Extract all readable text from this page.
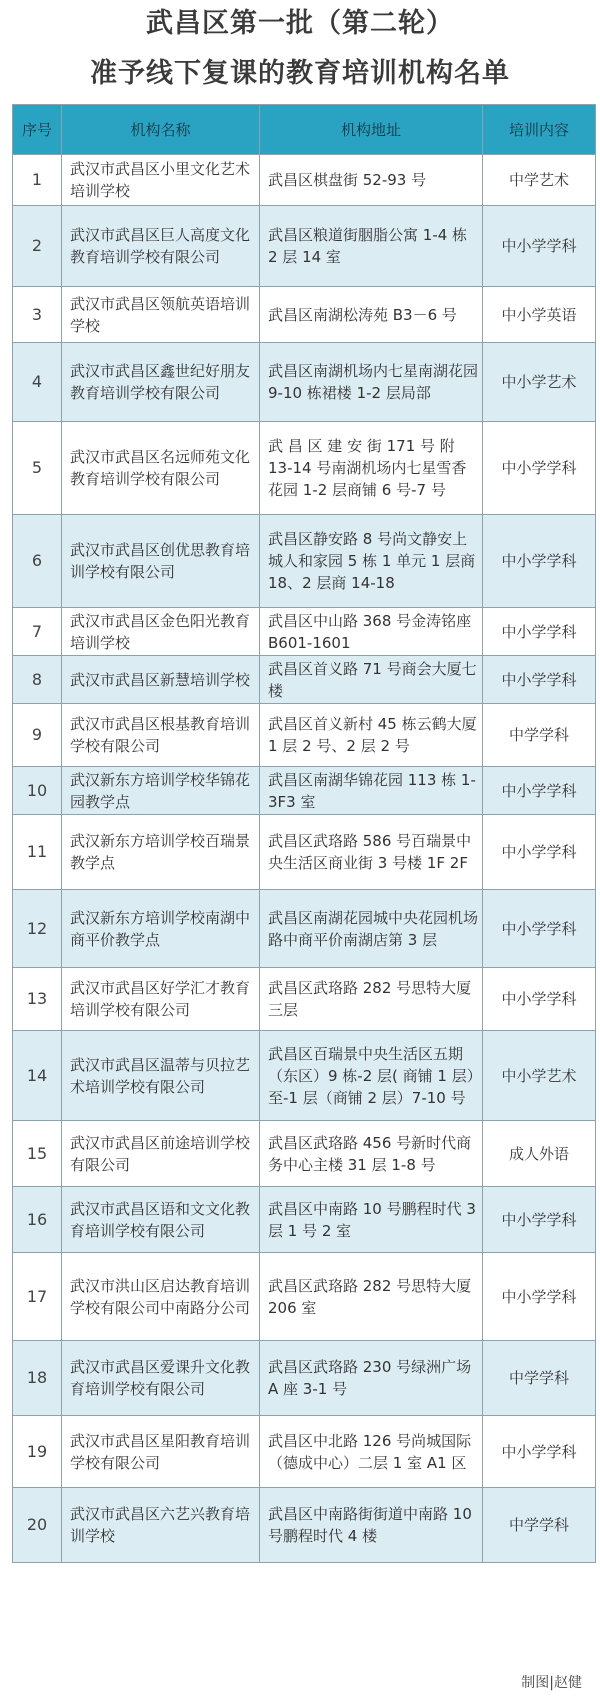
武昌区第一批（第二轮）
准予线下复课的教育培训机构名单
序号	机构名称	机构地址	培训内容
1	武汉市武昌区小里文化艺术培训学校	武昌区棋盘街 52-93 号	中学艺术
2	武汉市武昌区巨人高度文化教育培训学校有限公司	武昌区粮道街胭脂公寓 1-4 栋 2 层 14 室	中小学学科
3	武汉市武昌区领航英语培训学校	武昌区南湖松涛苑 B3－6 号	中小学英语
4	武汉市武昌区鑫世纪好朋友教育培训学校有限公司	武昌区南湖机场内七星南湖花园 9-10 栋裙楼 1-2 层局部	中小学艺术
5	武汉市武昌区名远师苑文化教育培训学校有限公司	武 昌 区 建 安 街 171 号 附 13-14 号南湖机场内七星雪香花园 1-2 层商铺 6 号-7 号	中小学学科
6	武汉市武昌区创优思教育培训学校有限公司	武昌区静安路 8 号尚文静安上城人和家园 5 栋 1 单元 1 层商 18、2 层商 14-18	中小学学科
7	武汉市武昌区金色阳光教育培训学校	武昌区中山路 368 号金涛铭座 B601-1601	中小学学科
8	武汉市武昌区新慧培训学校	武昌区首义路 71 号商会大厦七楼	中小学学科
9	武汉市武昌区根基教育培训学校有限公司	武昌区首义新村 45 栋云鹤大厦 1 层 2 号、2 层 2 号	中学学科
10	武汉新东方培训学校华锦花园教学点	武昌区南湖华锦花园 113 栋 1-3F3 室	中小学学科
11	武汉新东方培训学校百瑞景教学点	武昌区武珞路 586 号百瑞景中央生活区商业街 3 号楼 1F 2F	中小学学科
12	武汉新东方培训学校南湖中商平价教学点	武昌区南湖花园城中央花园机场路中商平价南湖店第 3 层	中小学学科
13	武汉市武昌区好学汇才教育培训学校有限公司	武昌区武珞路 282 号思特大厦三层	中小学学科
14	武汉市武昌区温蒂与贝拉艺术培训学校有限公司	武昌区百瑞景中央生活区五期（东区）9 栋-2 层( 商铺 1 层）至-1 层（商铺 2 层）7-10 号	中小学艺术
15	武汉市武昌区前途培训学校有限公司	武昌区武珞路 456 号新时代商务中心主楼 31 层 1-8 号	成人外语
16	武汉市武昌区语和文文化教育培训学校有限公司	武昌区中南路 10 号鹏程时代 3 层 1 号 2 室	中小学学科
17	武汉市洪山区启达教育培训学校有限公司中南路分公司	武昌区武珞路 282 号思特大厦 206 室	中小学学科
18	武汉市武昌区爱课升文化教育培训学校有限公司	武昌区武珞路 230 号绿洲广场 A 座 3-1 号	中学学科
19	武汉市武昌区星阳教育培训学校有限公司	武昌区中北路 126 号尚城国际（德成中心）二层 1 室 A1 区	中小学学科
20	武汉市武昌区六艺兴教育培训学校	武昌区中南路街街道中南路 10 号鹏程时代 4 楼	中学学科
制图|赵健
